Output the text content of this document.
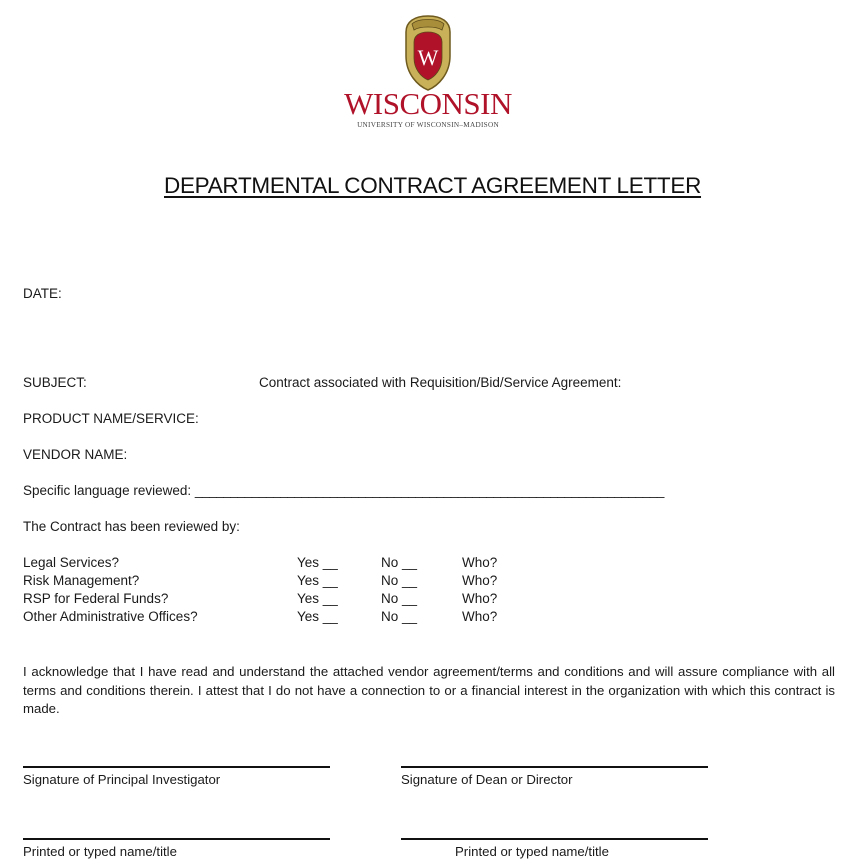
W
WISCONSIN
UNIVERSITY OF WISCONSIN–MADISON
DEPARTMENTAL CONTRACT AGREEMENT LETTER
DATE:
SUBJECT:	Contract associated with Requisition/Bid/Service Agreement:
PRODUCT NAME/SERVICE:
VENDOR NAME:
Specific language reviewed: __________________________________________________________________
The Contract has been reviewed by:
Legal Services?	Yes __	No __	Who?
Risk Management?	Yes __	No __	Who?
RSP for Federal Funds?	Yes __	No __	Who?
Other Administrative Offices?	Yes __	No __	Who?
I acknowledge that I have read and understand the attached vendor agreement/terms and conditions and will assure compliance with all terms and conditions therein. I attest that I do not have a connection to or a financial interest in the organization with which this contract is made.
Signature of Principal Investigator	Signature of Dean or Director
Printed or typed name/title	Printed or typed name/title
